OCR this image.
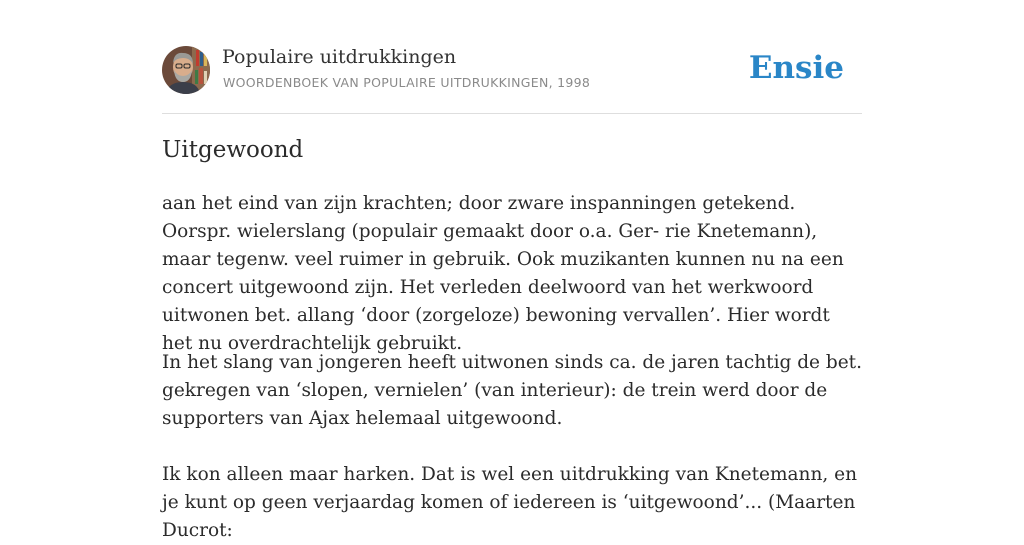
Populaire uitdrukkingen
WOORDENBOEK VAN POPULAIRE UITDRUKKINGEN, 1998	Ensie
Uitgewoond

aan het eind van zijn krachten; door zware inspanningen getekend. Oorspr. wielerslang (populair gemaakt door o.a. Ger- rie Knetemann), maar tegenw. veel ruimer in gebruik. Ook muzikanten kunnen nu na een concert uitgewoond zijn. Het verleden deelwoord van het werkwoord uitwonen bet. allang ‘door (zorgeloze) bewoning vervallen’. Hier wordt het nu overdrachtelijk gebruikt.

In het slang van jongeren heeft uitwonen sinds ca. de jaren tachtig de bet. gekregen van ‘slopen, vernielen’ (van interieur): de trein werd door de supporters van Ajax helemaal uitgewoond.

Ik kon alleen maar harken. Dat is wel een uitdrukking van Knetemann, en je kunt op geen verjaardag komen of iedereen is ‘uitgewoond’... (Maarten Ducrot:
